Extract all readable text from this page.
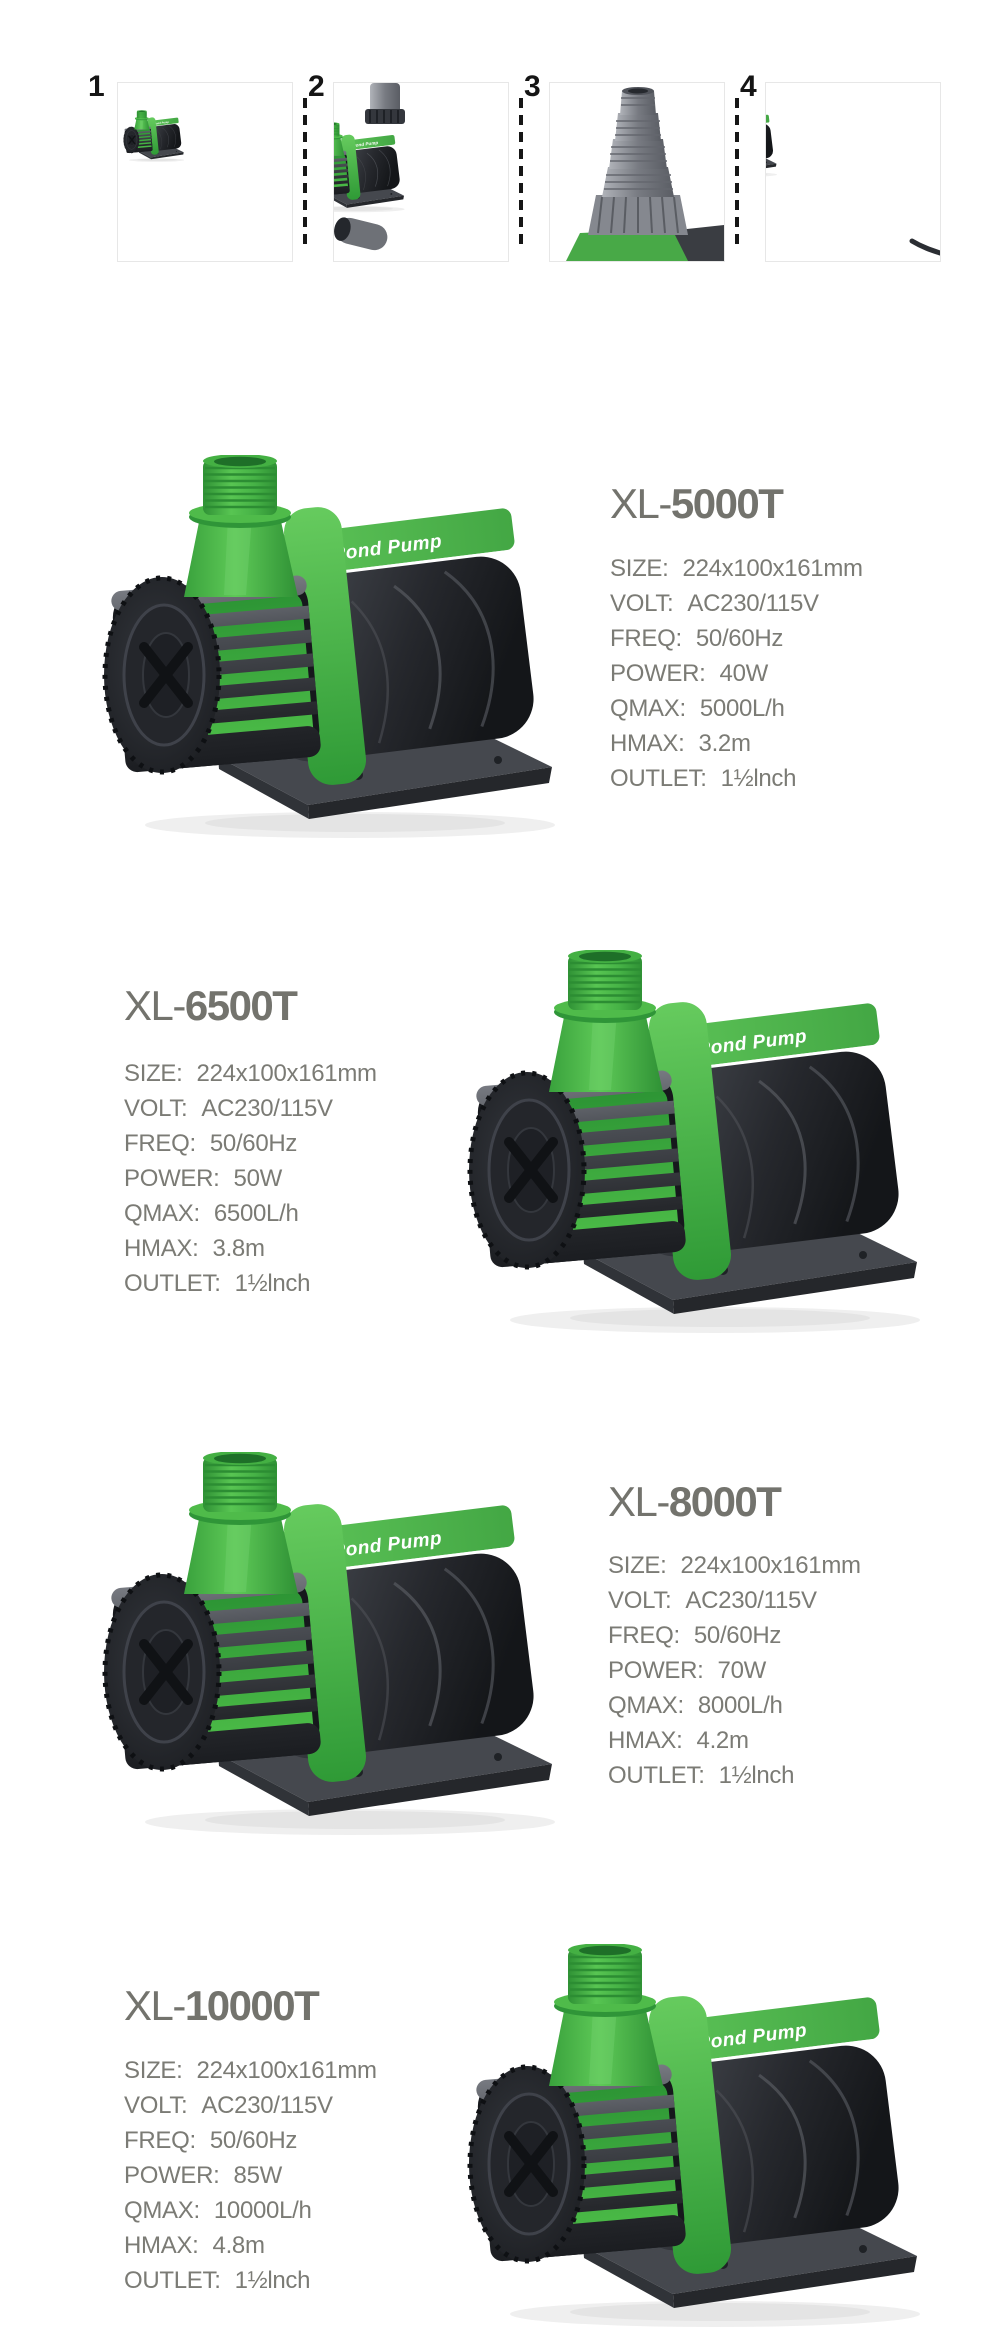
1	2	3	4
XL-5000T
SIZE: 224x100x161mm
VOLT: AC230/115V
FREQ: 50/60Hz
POWER: 40W
QMAX: 5000L/h
HMAX: 3.2m
OUTLET: 1½lnch
XL-6500T
SIZE: 224x100x161mm
VOLT: AC230/115V
FREQ: 50/60Hz
POWER: 50W
QMAX: 6500L/h
HMAX: 3.8m
OUTLET: 1½lnch
XL-8000T
SIZE: 224x100x161mm
VOLT: AC230/115V
FREQ: 50/60Hz
POWER: 70W
QMAX: 8000L/h
HMAX: 4.2m
OUTLET: 1½lnch
XL-10000T
SIZE: 224x100x161mm
VOLT: AC230/115V
FREQ: 50/60Hz
POWER: 85W
QMAX: 10000L/h
HMAX: 4.8m
OUTLET: 1½lnch
